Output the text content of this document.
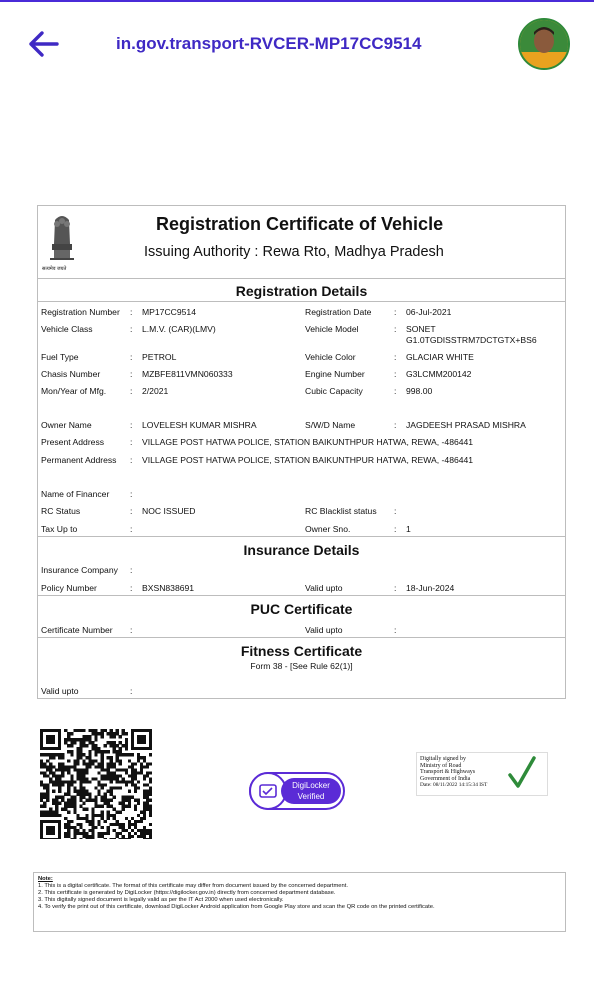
in.gov.transport-RVCER-MP17CC9514
सत्यमेव जयते
Registration Certificate of Vehicle
Issuing Authority : Rewa Rto, Madhya Pradesh
Registration Details
Registration Number : MP17CC9514	Registration Date	: 06-Jul-2021
Vehicle Class	: L.M.V. (CAR)(LMV)	Vehicle Model	: SONET
G1.0TGDISSTRM7DCTGTX+BS6
Fuel Type	: PETROL	Vehicle Color	: GLACIAR WHITE
Chasis Number	: MZBFE811VMN060333	Engine Number	: G3LCMM200142
Mon/Year of Mfg.	: 2/2021	Cubic Capacity	: 998.00
Owner Name	: LOVELESH KUMAR MISHRA	S/W/D Name	: JAGDEESH PRASAD MISHRA
Present Address	: VILLAGE POST HATWA POLICE, STATION BAIKUNTHPUR HATWA, REWA, -486441
Permanent Address : VILLAGE POST HATWA POLICE, STATION BAIKUNTHPUR HATWA, REWA, -486441
Name of Financer :
RC Status	: NOC ISSUED	RC Blacklist status :
Tax Up to	:	Owner Sno.	: 1
Insurance Details
Insurance Company :
Policy Number	: BXSN838691	Valid upto	: 18-Jun-2024
PUC Certificate
Certificate Number :	Valid upto	:
Fitness Certificate
Form 38 - [See Rule 62(1)]
Valid upto	:
DigiLocker
Verified
Digitally signed by
Ministry of Road
Transport & Highways
Government of India
Date: 08/11/2022 14:15:34 IST
Note:
1. This is a digital certificate. The format of this certificate may differ from document issued by the concerned department.
2. This certificate is generated by DigiLocker (https://digilocker.gov.in) directly from concerned department database.
3. This digitally signed document is legally valid as per the IT Act 2000 when used electronically.
4. To verify the print out of this certificate, download DigiLocker Android application from Google Play store and scan the QR code on the printed certificate.
